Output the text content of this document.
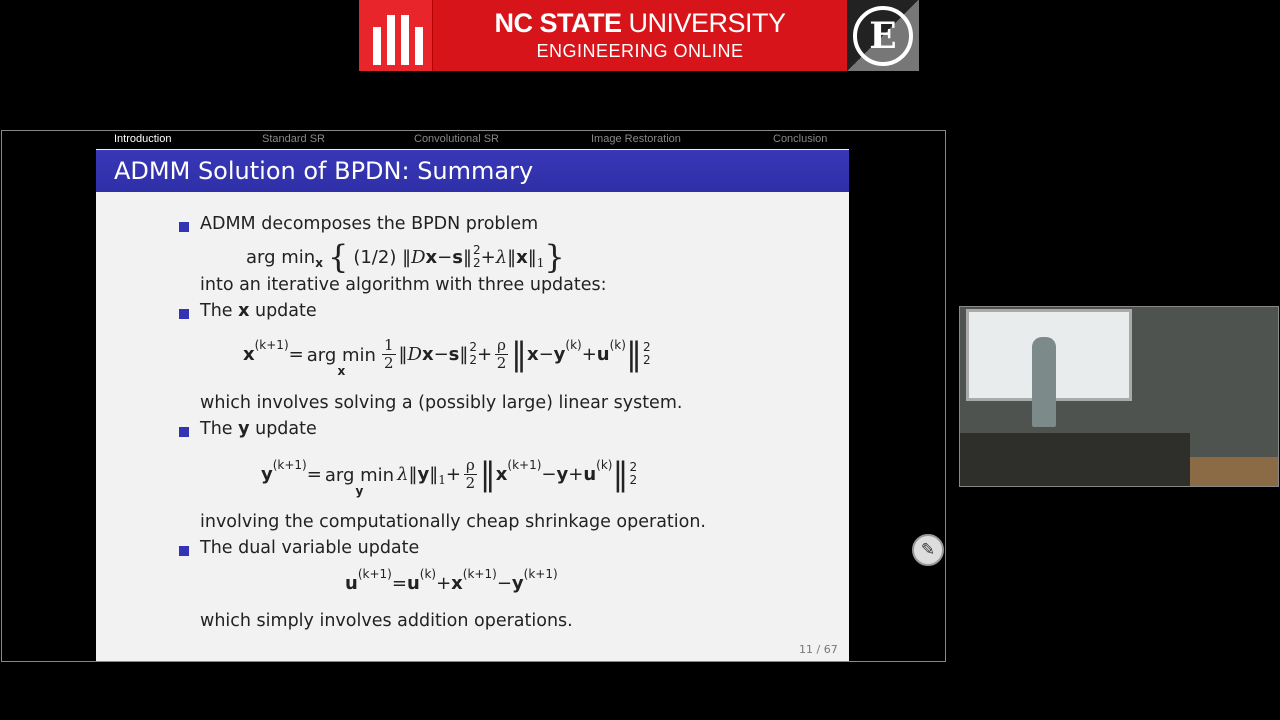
NC STATE UNIVERSITY
ENGINEERING ONLINE	E
Introduction	Standard SR	Convolutional SR	Image Restoration	Conclusion
ADMM Solution of BPDN: Summary
ADMM decomposes the BPDN problem
arg min x { (1/2) ‖ D x − s ‖ 2
2 + λ ‖ x ‖ 1 }
into an iterative algorithm with three updates:
The x update
x (k+1) = arg min
x $\frac{1}{2}$ ‖ D x − s ‖ 2
$2 + \frac{\rho}{2}$ ‖ x − y (k) + u (k) ‖ 2
2
which involves solving a (possibly large) linear system.
The y update
y (k+1) = arg min
y
λ ‖ y ‖ $1 + \frac{\rho}{2}$ ‖ x (k+1) − y + u (k) ‖ 2
2
involving the computationally cheap shrinkage operation.
The dual variable update
u (k+1) = u (k) + x (k+1) − y (k+1)
which simply involves addition operations.
11 / 67
✎
